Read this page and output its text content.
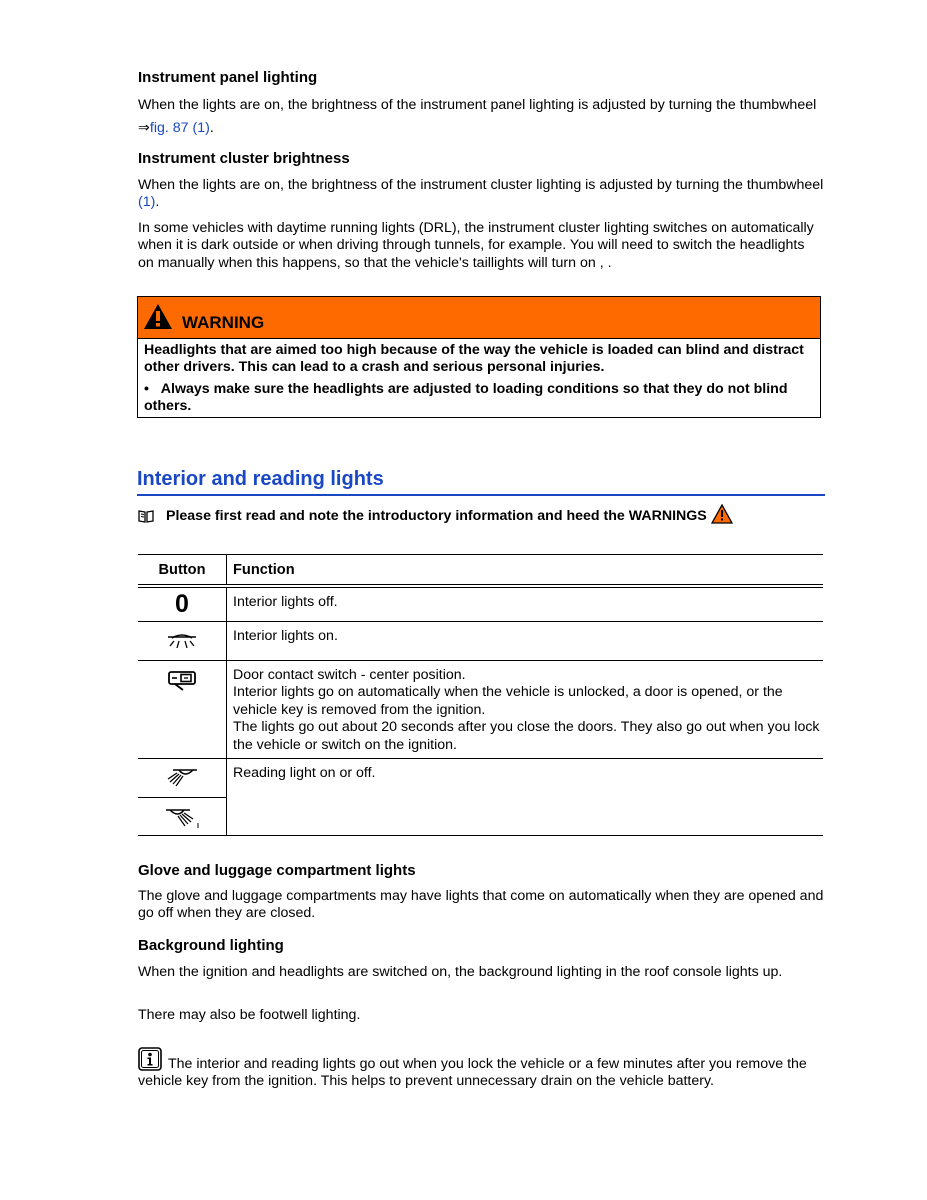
Instrument panel lighting

When the lights are on, the brightness of the instrument panel lighting is adjusted by turning the thumbwheel ⇒fig. 87 (1).

Instrument cluster brightness

When the lights are on, the brightness of the instrument cluster lighting is adjusted by turning the thumbwheel (1).

In some vehicles with daytime running lights (DRL), the instrument cluster lighting switches on automatically when it is dark outside or when driving through tunnels, for example. You will need to switch the headlights on manually when this happens, so that the vehicle's taillights will turn on , .

WARNING

Headlights that are aimed too high because of the way the vehicle is loaded can blind and distract other drivers. This can lead to a crash and serious personal injuries.

• Always make sure the headlights are adjusted to loading conditions so that they do not blind others.

Interior and reading lights
Please first read and note the introductory information and heed the WARNINGS
Button	Function
0	Interior lights off.
Interior lights on.
Door contact switch - center position.
Interior lights go on automatically when the vehicle is unlocked, a door is opened, or the vehicle key is removed from the ignition.
The lights go out about 20 seconds after you close the doors. They also go out when you lock the vehicle or switch on the ignition.
Reading light on or off.

Glove and luggage compartment lights

The glove and luggage compartments may have lights that come on automatically when they are opened and go off when they are closed.

Background lighting

When the ignition and headlights are switched on, the background lighting in the roof console lights up.

There may also be footwell lighting.

The interior and reading lights go out when you lock the vehicle or a few minutes after you remove the vehicle key from the ignition. This helps to prevent unnecessary drain on the vehicle battery.
